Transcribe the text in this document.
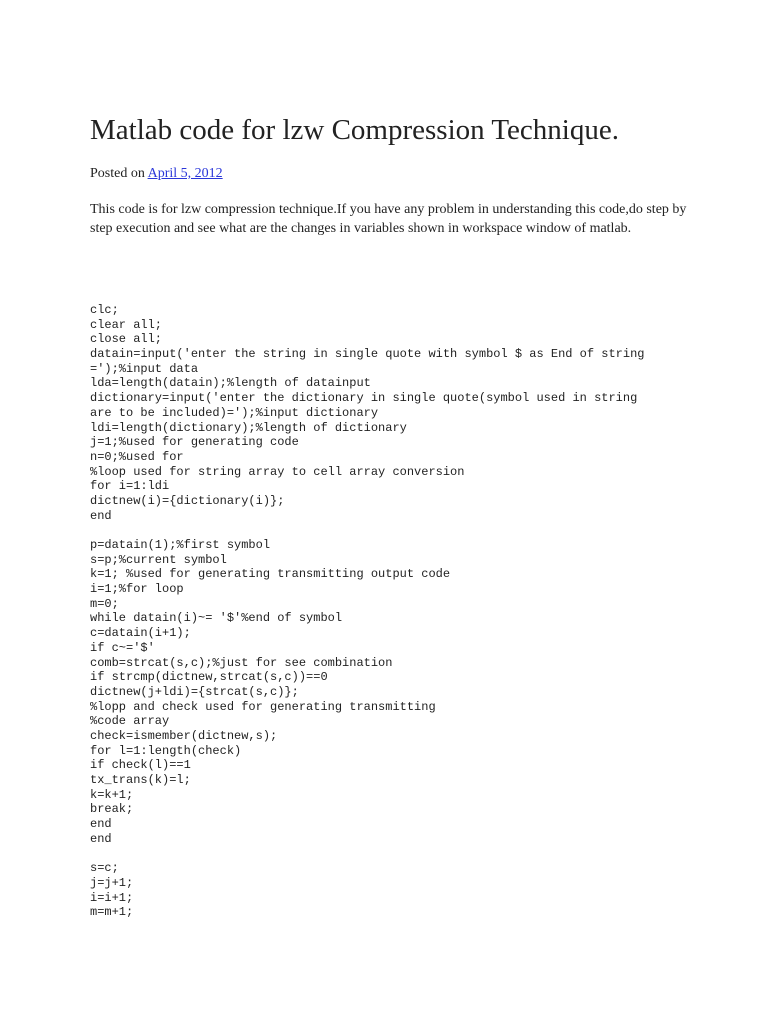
Matlab code for lzw Compression Technique.
Posted on April 5, 2012

This code is for lzw compression technique.If you have any problem in understanding this code,do step by step execution and see what are the changes in variables shown in workspace window of matlab.

clc;
clear all;
close all;
datain=input('enter the string in single quote with symbol $ as End of string
=');%input data
lda=length(datain);%length of datainput
dictionary=input('enter the dictionary in single quote(symbol used in string
are to be included)=');%input dictionary
ldi=length(dictionary);%length of dictionary
j=1;%used for generating code
n=0;%used for
%loop used for string array to cell array conversion
for i=1:ldi
dictnew(i)={dictionary(i)};
end
p=datain(1);%first symbol
s=p;%current symbol
k=1; %used for generating transmitting output code
i=1;%for loop
m=0;
while datain(i)~= '$'%end of symbol
c=datain(i+1);
if c~='$'
comb=strcat(s,c);%just for see combination
if strcmp(dictnew,strcat(s,c))==0
dictnew(j+ldi)={strcat(s,c)};
%lopp and check used for generating transmitting
%code array
check=ismember(dictnew,s);
for l=1:length(check)
if check(l)==1
tx_trans(k)=l;
k=k+1;
break;
end
end
s=c;
j=j+1;
i=i+1;
m=m+1;
